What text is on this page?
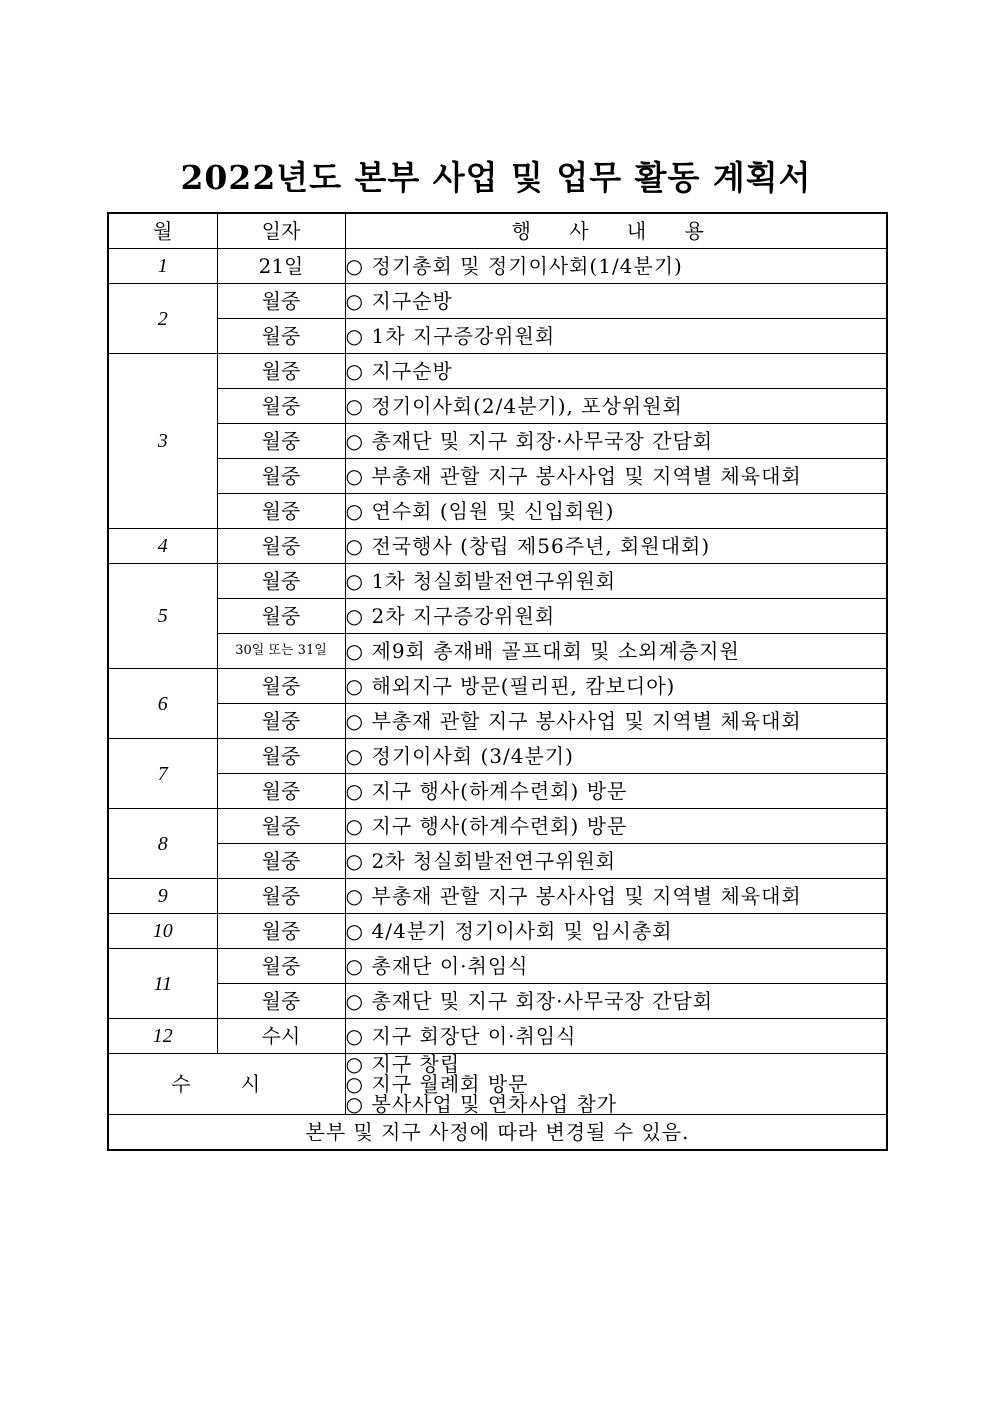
2022년도 본부 사업 및 업무 활동 계획서
월	일자	행 사 내 용
1	21일	○ 정기총회 및 정기이사회(1/4분기)
2	월중	○ 지구순방
	월중	○ 1차 지구증강위원회
3	월중	○ 지구순방
	월중	○ 정기이사회(2/4분기), 포상위원회
	월중	○ 총재단 및 지구 회장·사무국장 간담회
	월중	○ 부총재 관할 지구 봉사사업 및 지역별 체육대회
	월중	○ 연수회 (임원 및 신입회원)
4	월중	○ 전국행사 (창립 제56주년, 회원대회)
5	월중	○ 1차 청실회발전연구위원회
	월중	○ 2차 지구증강위원회
	30일 또는 31일	○ 제9회 총재배 골프대회 및 소외계층지원
6	월중	○ 해외지구 방문(필리핀, 캄보디아)
	월중	○ 부총재 관할 지구 봉사사업 및 지역별 체육대회
7	월중	○ 정기이사회 (3/4분기)
	월중	○ 지구 행사(하계수련회) 방문
8	월중	○ 지구 행사(하계수련회) 방문
	월중	○ 2차 청실회발전연구위원회
9	월중	○ 부총재 관할 지구 봉사사업 및 지역별 체육대회
10	월중	○ 4/4분기 정기이사회 및 임시총회
11	월중	○ 총재단 이·취임식
	월중	○ 총재단 및 지구 회장·사무국장 간담회
12	수시	○ 지구 회장단 이·취임식
수 시		○ 지구 창립
○ 지구 월례회 방문
○ 봉사사업 및 연차사업 참가

본부 및 지구 사정에 따라 변경될 수 있음.		
